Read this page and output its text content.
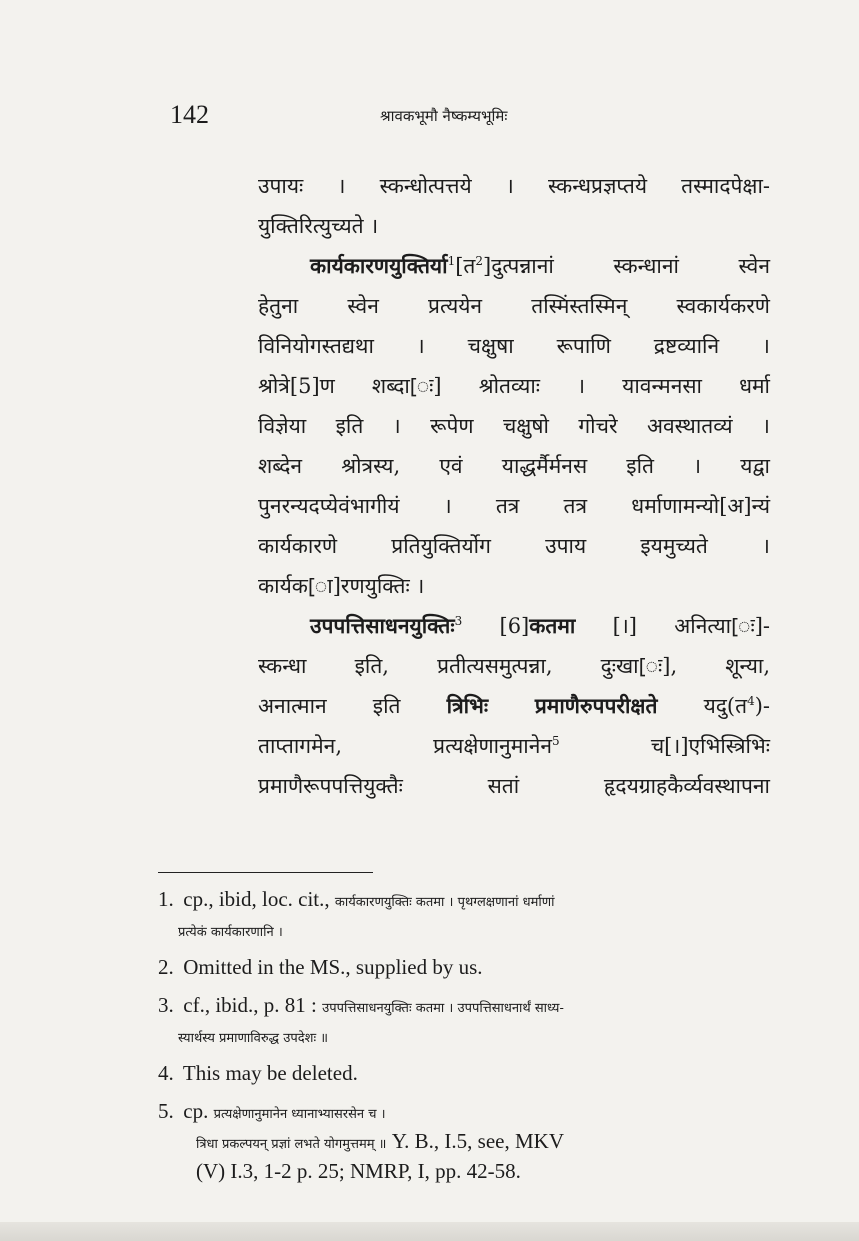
142	श्रावकभूमौ नैष्कम्यभूमिः
उपायः । स्कन्धोत्पत्तये । स्कन्धप्रज्ञप्तये तस्मादपेक्षा-
युक्तिरित्युच्यते ।
कार्यकारणयुक्तिर्या$^1$[त$^2$]दुत्पन्नानां स्कन्धानां स्वेन
हेतुना स्वेन प्रत्ययेन तस्मिंस्तस्मिन् स्वकार्यकरणे
विनियोगस्तद्यथा । चक्षुषा रूपाणि द्रष्टव्यानि ।
श्रोत्रे[5]ण शब्दा[ः] श्रोतव्याः । यावन्मनसा धर्मा
विज्ञेया इति । रूपेण चक्षुषो गोचरे अवस्थातव्यं ।
शब्देन श्रोत्रस्य, एवं याद्धर्मैर्मनस इति । यद्वा
पुनरन्यदप्येवंभागीयं । तत्र तत्र धर्माणामन्यो[अ]न्यं
कार्यकारणे प्रतियुक्तिर्योग उपाय इयमुच्यते ।
कार्यक[ा]रणयुक्तिः ।
उपपत्तिसाधनयुक्तिः$^3$ [6]कतमा [।] अनित्या[ः]-
स्कन्धा इति, प्रतीत्यसमुत्पन्ना, दुःखा[ः], शून्या,
अनात्मान इति त्रिभिः प्रमाणैरुपपरीक्षते यदु(त$^4$)-
ताप्तागमेन, प्रत्यक्षेणानुमानेन$^5$ च[।]एभिस्त्रिभिः
प्रमाणैरूपपत्तियुक्तैः सतां हृदयग्राहकैर्व्यवस्थापना
1. cp., ibid, loc. cit., कार्यकारणयुक्तिः कतमा । पृथग्लक्षणानां धर्माणां
प्रत्येकं कार्यकारणानि ।
2. Omitted in the MS., supplied by us.
3. cf., ibid., p. 81 : उपपत्तिसाधनयुक्तिः कतमा । उपपत्तिसाधनार्थं साध्य-
स्यार्थस्य प्रमाणाविरुद्ध उपदेशः ॥
4. This may be deleted.
5. cp. प्रत्यक्षेणानुमानेन ध्यानाभ्यासरसेन च ।
त्रिधा प्रकल्पयन् प्रज्ञां लभते योगमुत्तमम् ॥ Y. B., I.5, see, MKV
(V) I.3, 1-2 p. 25; NMRP, I, pp. 42-58.
